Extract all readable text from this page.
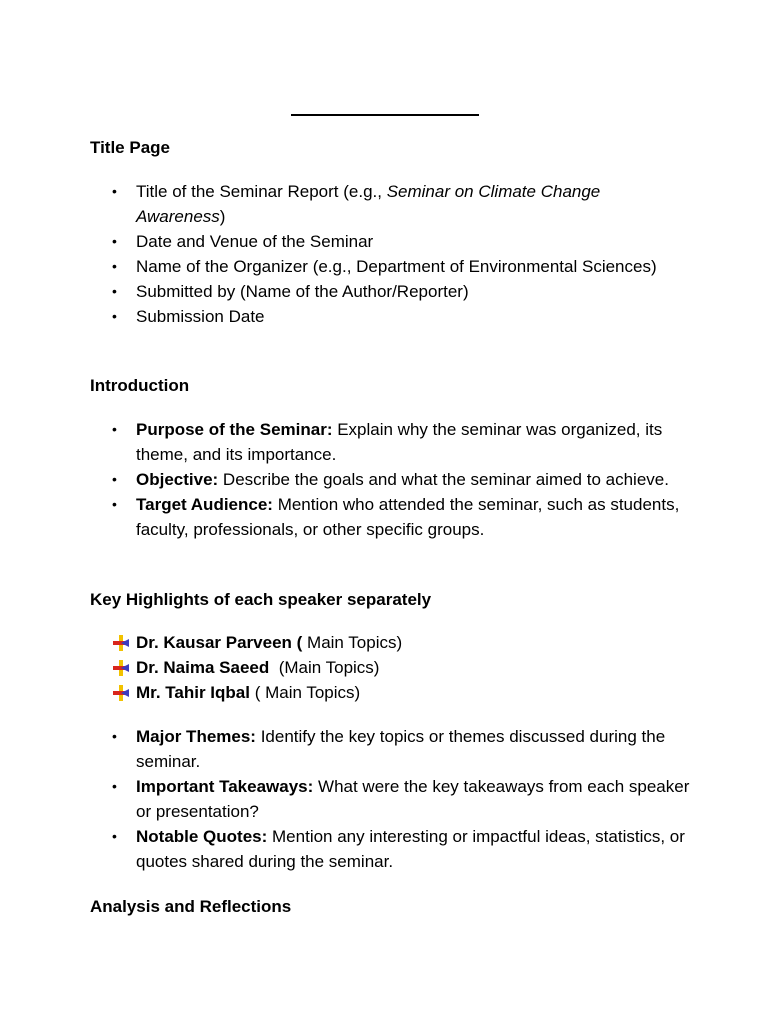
Title Page
• Title of the Seminar Report (e.g., Seminar on Climate Change Awareness)
• Date and Venue of the Seminar
• Name of the Organizer (e.g., Department of Environmental Sciences)
• Submitted by (Name of the Author/Reporter)
• Submission Date
Introduction
• Purpose of the Seminar: Explain why the seminar was organized, its theme, and its importance.
• Objective: Describe the goals and what the seminar aimed to achieve.
• Target Audience: Mention who attended the seminar, such as students, faculty, professionals, or other specific groups.
Key Highlights of each speaker separately
Dr. Kausar Parveen ( Main Topics)
Dr. Naima Saeed  (Main Topics)
Mr. Tahir Iqbal ( Main Topics)
• Major Themes: Identify the key topics or themes discussed during the seminar.
• Important Takeaways: What were the key takeaways from each speaker or presentation?
• Notable Quotes: Mention any interesting or impactful ideas, statistics, or quotes shared during the seminar.
Analysis and Reflections
